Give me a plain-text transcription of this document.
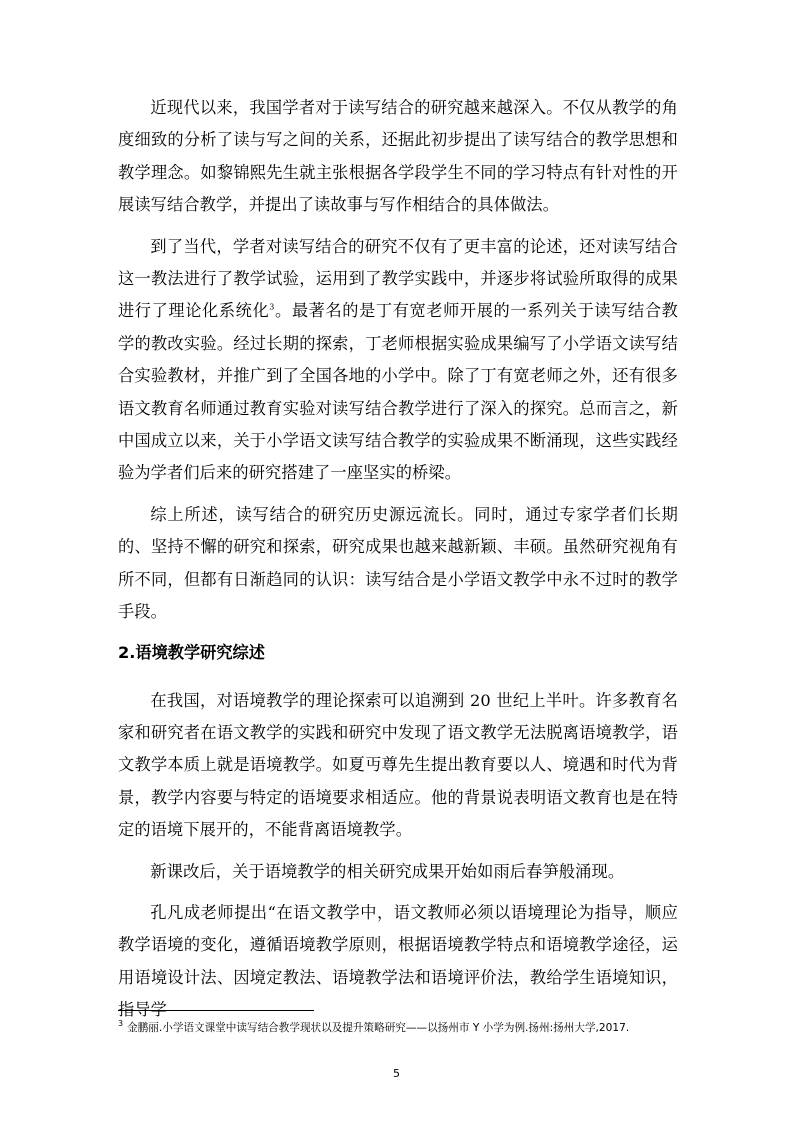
近现代以来，我国学者对于读写结合的研究越来越深入。不仅从教学的角度细致的分析了读与写之间的关系，还据此初步提出了读写结合的教学思想和教学理念。如黎锦熙先生就主张根据各学段学生不同的学习特点有针对性的开展读写结合教学，并提出了读故事与写作相结合的具体做法。

到了当代，学者对读写结合的研究不仅有了更丰富的论述，还对读写结合这一教法进行了教学试验，运用到了教学实践中，并逐步将试验所取得的成果进行了理论化系统化$^3$。最著名的是丁有宽老师开展的一系列关于读写结合教学的教改实验。经过长期的探索，丁老师根据实验成果编写了小学语文读写结合实验教材，并推广到了全国各地的小学中。除了丁有宽老师之外，还有很多语文教育名师通过教育实验对读写结合教学进行了深入的探究。总而言之，新中国成立以来，关于小学语文读写结合教学的实验成果不断涌现，这些实践经验为学者们后来的研究搭建了一座坚实的桥梁。

综上所述，读写结合的研究历史源远流长。同时，通过专家学者们长期的、坚持不懈的研究和探索，研究成果也越来越新颖、丰硕。虽然研究视角有所不同，但都有日渐趋同的认识：读写结合是小学语文教学中永不过时的教学手段。

2.语境教学研究综述

在我国，对语境教学的理论探索可以追溯到 20 世纪上半叶。许多教育名家和研究者在语文教学的实践和研究中发现了语文教学无法脱离语境教学，语文教学本质上就是语境教学。如夏丏尊先生提出教育要以人、境遇和时代为背景，教学内容要与特定的语境要求相适应。他的背景说表明语文教育也是在特定的语境下展开的，不能背离语境教学。

新课改后，关于语境教学的相关研究成果开始如雨后春笋般涌现。

孔凡成老师提出“在语文教学中，语文教师必须以语境理论为指导，顺应教学语境的变化，遵循语境教学原则，根据语境教学特点和语境教学途径，运用语境设计法、因境定教法、语境教学法和语境评价法，教给学生语境知识，指导学

$^3$ 金鹏丽.小学语文课堂中读写结合教学现状以及提升策略研究——以扬州市 Y 小学为例.扬州:扬州大学,2017.
5
